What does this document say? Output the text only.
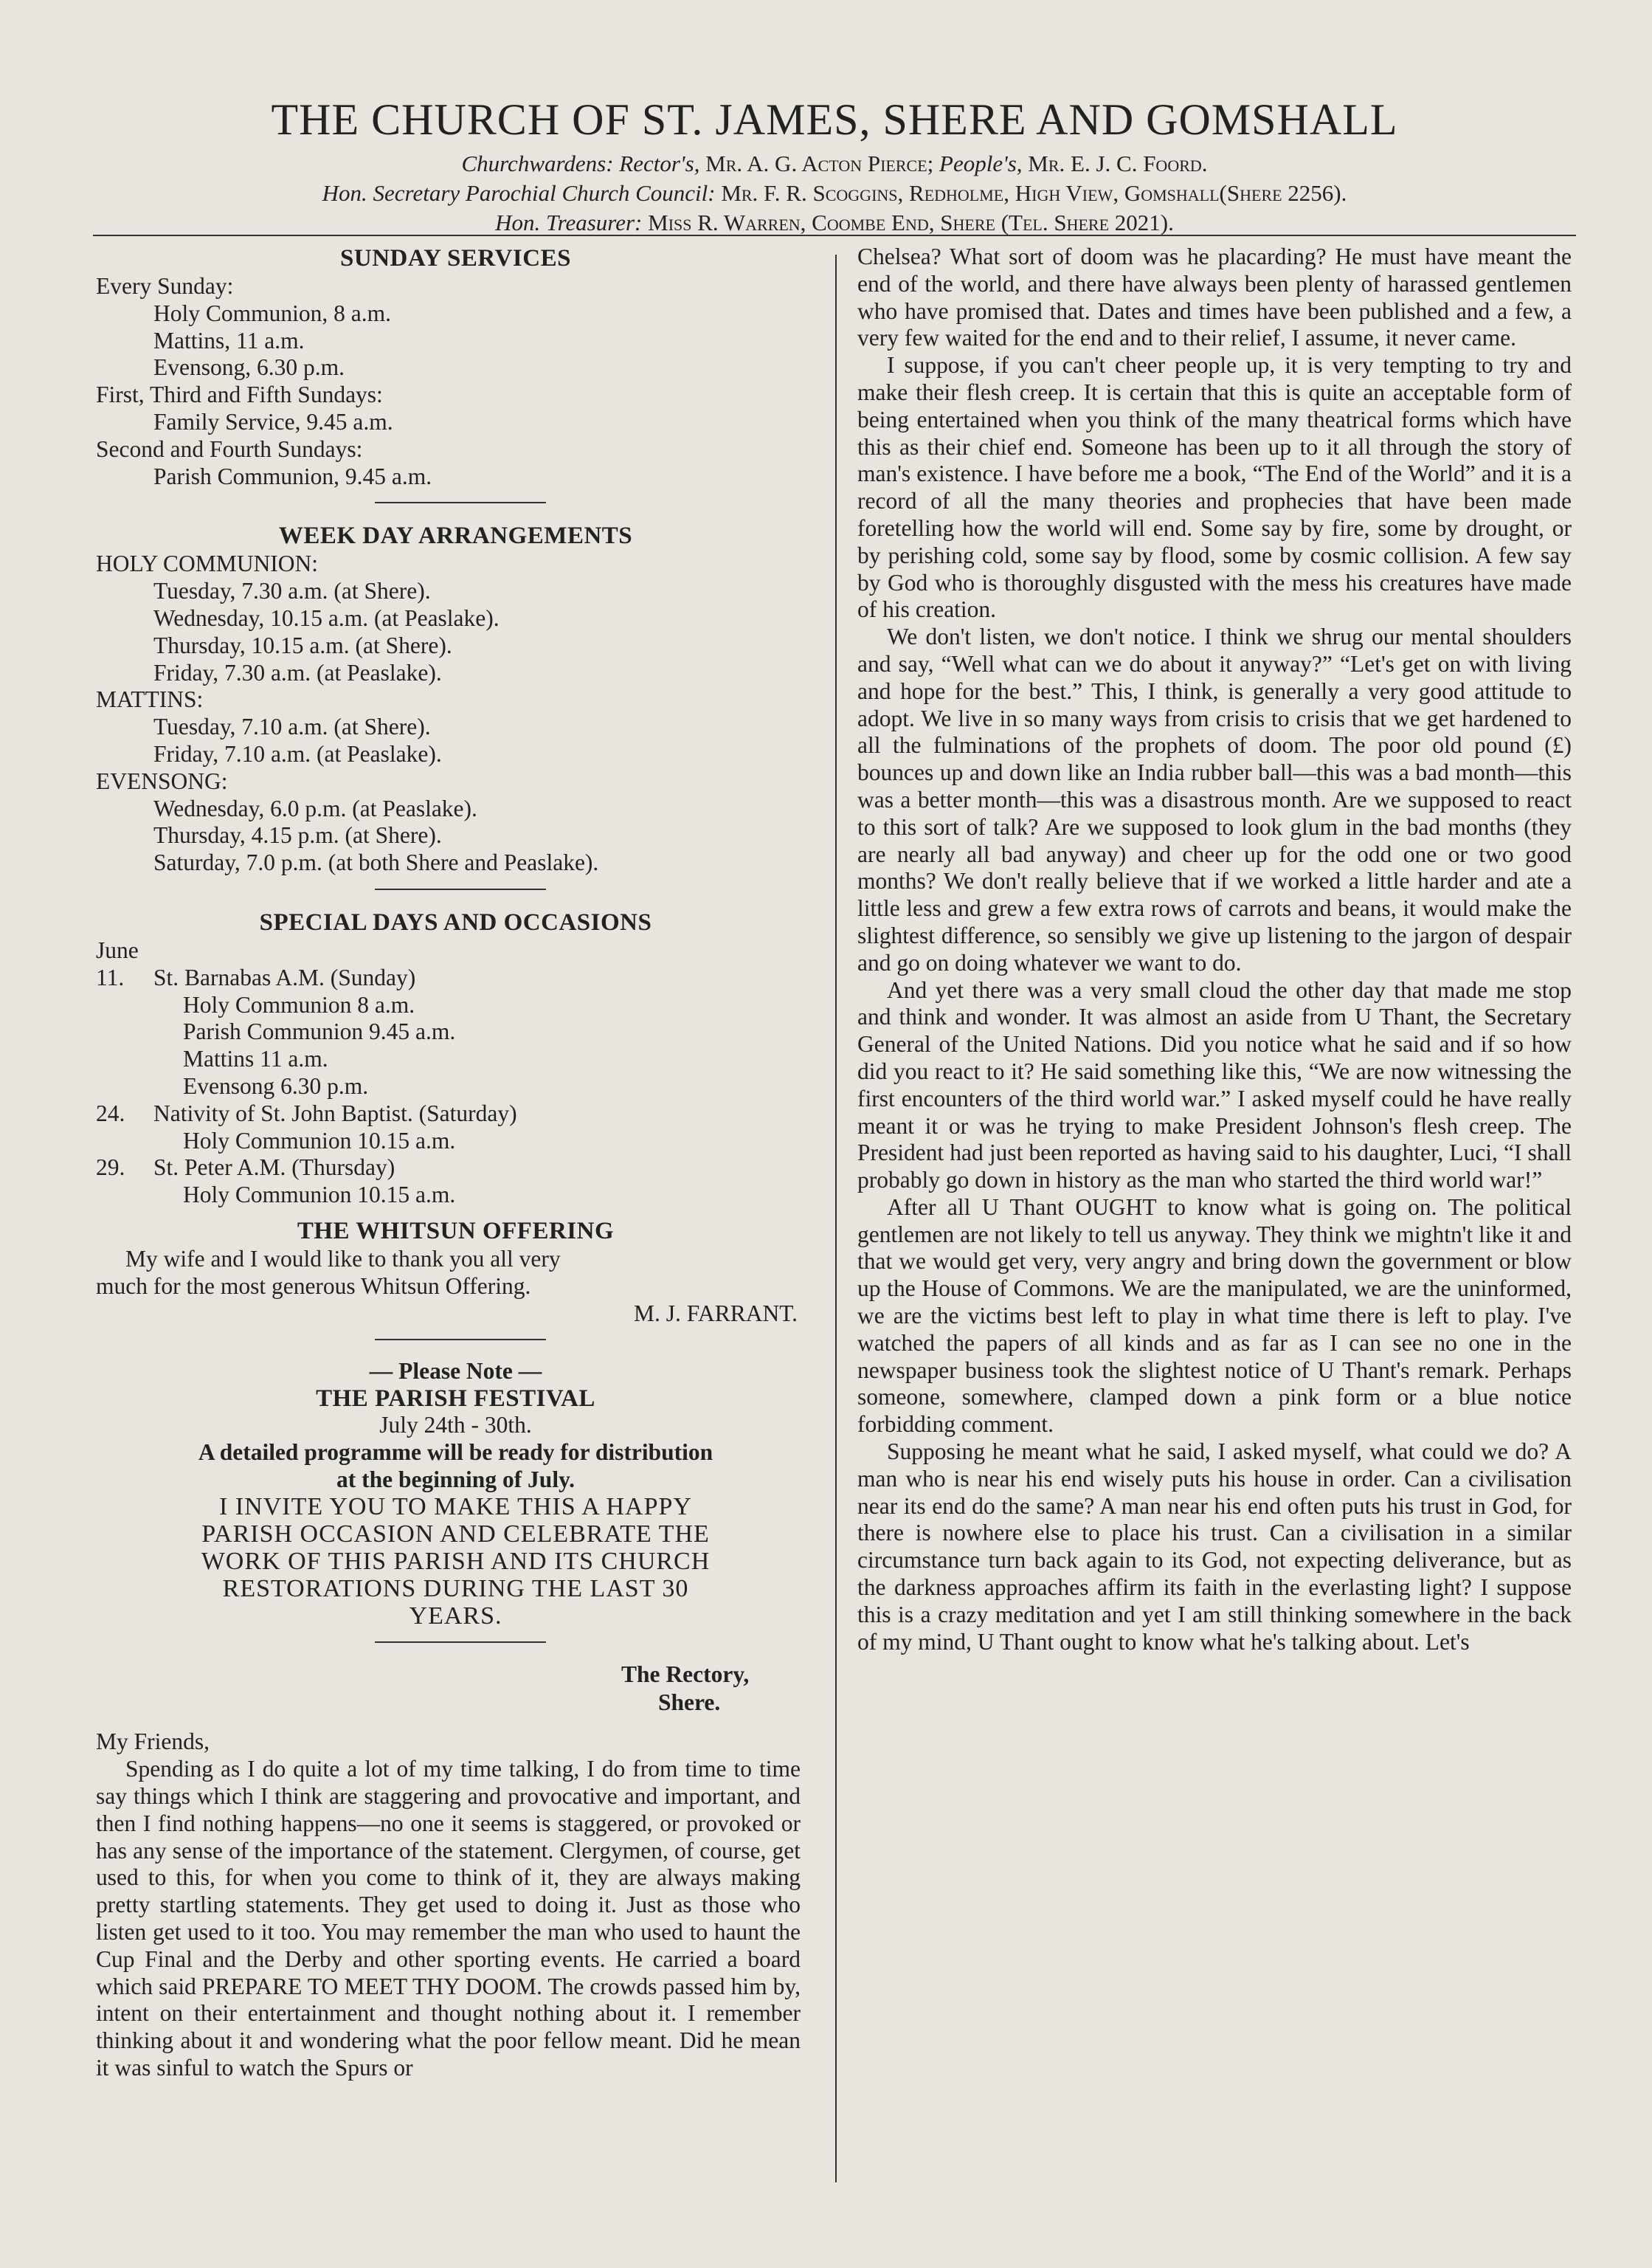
THE CHURCH OF ST. JAMES, SHERE AND GOMSHALL

Churchwardens: Rector's, Mr. A. G. Acton Pierce; People's, Mr. E. J. C. Foord.

Hon. Secretary Parochial Church Council: Mr. F. R. Scoggins, Redholme, High View, Gomshall(Shere 2256).

Hon. Treasurer: Miss R. Warren, Coombe End, Shere (Tel. Shere 2021).

SUNDAY SERVICES

Every Sunday:

Holy Communion, 8 a.m.

Mattins, 11 a.m.

Evensong, 6.30 p.m.

First, Third and Fifth Sundays:

Family Service, 9.45 a.m.

Second and Fourth Sundays:

Parish Communion, 9.45 a.m.

WEEK DAY ARRANGEMENTS

HOLY COMMUNION:

Tuesday, 7.30 a.m. (at Shere).

Wednesday, 10.15 a.m. (at Peaslake).

Thursday, 10.15 a.m. (at Shere).

Friday, 7.30 a.m. (at Peaslake).

MATTINS:

Tuesday, 7.10 a.m. (at Shere).

Friday, 7.10 a.m. (at Peaslake).

EVENSONG:

Wednesday, 6.0 p.m. (at Peaslake).

Thursday, 4.15 p.m. (at Shere).

Saturday, 7.0 p.m. (at both Shere and Peaslake).

SPECIAL DAYS AND OCCASIONS

June

11. St. Barnabas A.M. (Sunday)

Holy Communion 8 a.m.

Parish Communion 9.45 a.m.

Mattins 11 a.m.

Evensong 6.30 p.m.

24. Nativity of St. John Baptist. (Saturday)

Holy Communion 10.15 a.m.

29. St. Peter A.M. (Thursday)

Holy Communion 10.15 a.m.

THE WHITSUN OFFERING

My wife and I would like to thank you all very

much for the most generous Whitsun Offering.

M. J. FARRANT.

— Please Note —

THE PARISH FESTIVAL

July 24th - 30th.

A detailed programme will be ready for distribution

at the beginning of July.

I INVITE YOU TO MAKE THIS A HAPPY

PARISH OCCASION AND CELEBRATE THE

WORK OF THIS PARISH AND ITS CHURCH

RESTORATIONS DURING THE LAST 30

YEARS.

The Rectory,

Shere.

My Friends,

Spending as I do quite a lot of my time talking, I do from time to time say things which I think are staggering and provocative and important, and then I find nothing happens—no one it seems is staggered, or provoked or has any sense of the importance of the statement. Clergymen, of course, get used to this, for when you come to think of it, they are always making pretty startling statements. They get used to doing it. Just as those who listen get used to it too. You may remember the man who used to haunt the Cup Final and the Derby and other sporting events. He carried a board which said PREPARE TO MEET THY DOOM. The crowds passed him by, intent on their entertainment and thought nothing about it. I remember thinking about it and wondering what the poor fellow meant. Did he mean it was sinful to watch the Spurs or

Chelsea? What sort of doom was he placarding? He must have meant the end of the world, and there have always been plenty of harassed gentlemen who have promised that. Dates and times have been published and a few, a very few waited for the end and to their relief, I assume, it never came.

I suppose, if you can't cheer people up, it is very tempting to try and make their flesh creep. It is certain that this is quite an acceptable form of being entertained when you think of the many theatrical forms which have this as their chief end. Someone has been up to it all through the story of man's existence. I have before me a book, “The End of the World” and it is a record of all the many theories and prophecies that have been made foretelling how the world will end. Some say by fire, some by drought, or by perishing cold, some say by flood, some by cosmic collision. A few say by God who is thoroughly disgusted with the mess his creatures have made of his creation.

We don't listen, we don't notice. I think we shrug our mental shoulders and say, “Well what can we do about it anyway?” “Let's get on with living and hope for the best.” This, I think, is generally a very good attitude to adopt. We live in so many ways from crisis to crisis that we get hardened to all the fulminations of the prophets of doom. The poor old pound (£) bounces up and down like an India rubber ball—this was a bad month—this was a better month—this was a disastrous month. Are we supposed to react to this sort of talk? Are we supposed to look glum in the bad months (they are nearly all bad anyway) and cheer up for the odd one or two good months? We don't really believe that if we worked a little harder and ate a little less and grew a few extra rows of carrots and beans, it would make the slightest difference, so sensibly we give up listening to the jargon of despair and go on doing whatever we want to do.

And yet there was a very small cloud the other day that made me stop and think and wonder. It was almost an aside from U Thant, the Secretary General of the United Nations. Did you notice what he said and if so how did you react to it? He said something like this, “We are now witnessing the first encounters of the third world war.” I asked myself could he have really meant it or was he trying to make President Johnson's flesh creep. The President had just been reported as having said to his daughter, Luci, “I shall probably go down in history as the man who started the third world war!”

After all U Thant OUGHT to know what is going on. The political gentlemen are not likely to tell us anyway. They think we mightn't like it and that we would get very, very angry and bring down the government or blow up the House of Commons. We are the manipulated, we are the uninformed, we are the victims best left to play in what time there is left to play. I've watched the papers of all kinds and as far as I can see no one in the newspaper business took the slightest notice of U Thant's remark. Perhaps someone, somewhere, clamped down a pink form or a blue notice forbidding comment.

Supposing he meant what he said, I asked myself, what could we do? A man who is near his end wisely puts his house in order. Can a civilisation near its end do the same? A man near his end often puts his trust in God, for there is nowhere else to place his trust. Can a civilisation in a similar circumstance turn back again to its God, not expecting deliverance, but as the darkness approaches affirm its faith in the everlasting light? I suppose this is a crazy meditation and yet I am still thinking somewhere in the back of my mind, U Thant ought to know what he's talking about. Let's
